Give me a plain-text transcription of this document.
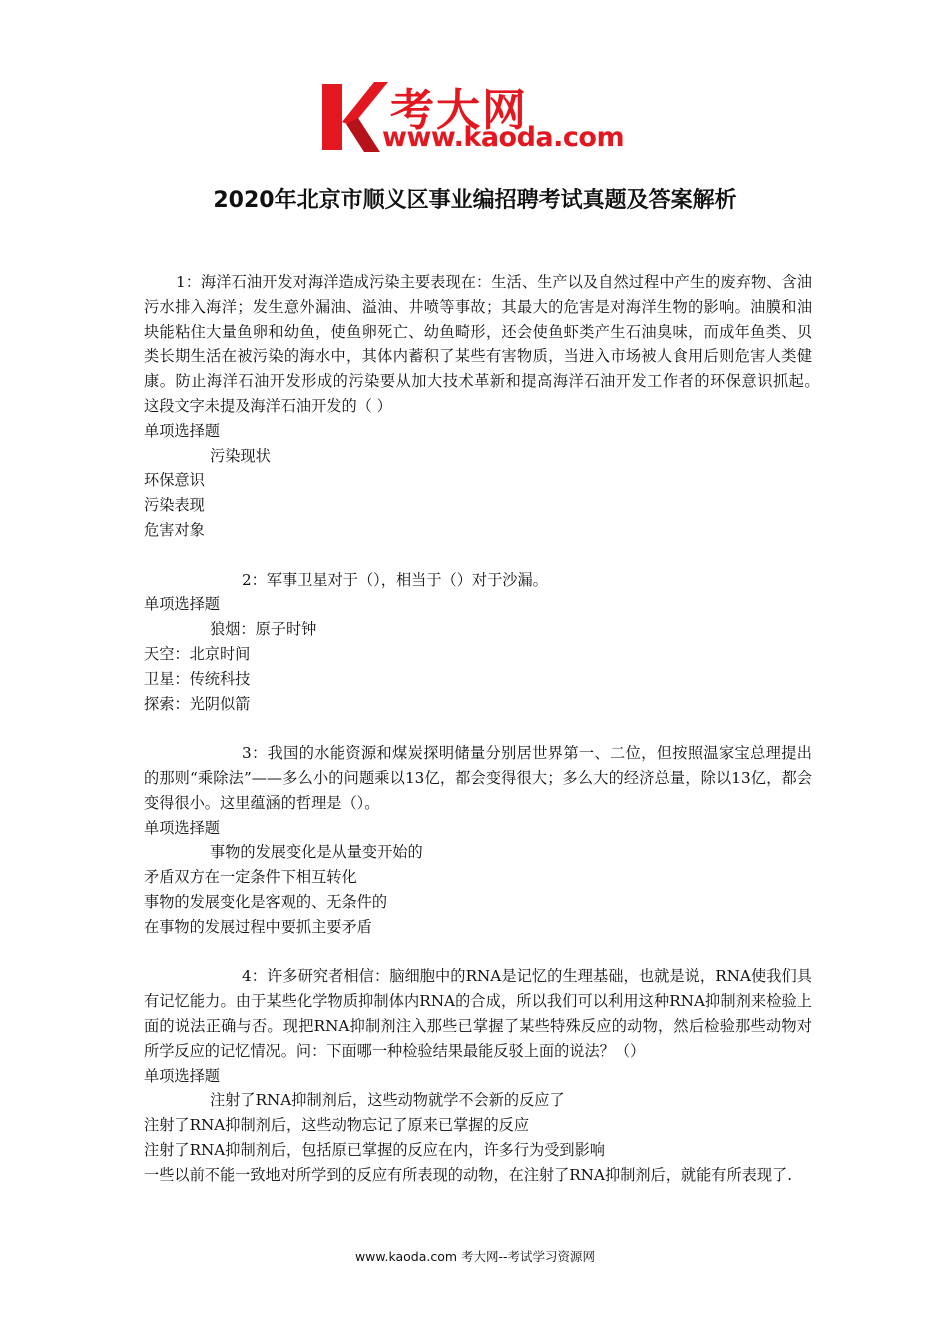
考大网
www.kaoda.com
2020年北京市顺义区事业编招聘考试真题及答案解析
1：海洋石油开发对海洋造成污染主要表现在：生活、生产以及自然过程中产生的废弃物、含油污水排入海洋；发生意外漏油、溢油、井喷等事故；其最大的危害是对海洋生物的影响。油膜和油块能粘住大量鱼卵和幼鱼，使鱼卵死亡、幼鱼畸形，还会使鱼虾类产生石油臭味，而成年鱼类、贝类长期生活在被污染的海水中，其体内蓄积了某些有害物质，当进入市场被人食用后则危害人类健康。防止海洋石油开发形成的污染要从加大技术革新和提高海洋石油开发工作者的环保意识抓起。　　这段文字未提及海洋石油开发的（ ）
单项选择题
污染现状
环保意识
污染表现
危害对象
2：军事卫星对于（），相当于（）对于沙漏。
单项选择题
狼烟：原子时钟
天空：北京时间
卫星：传统科技
探索：光阴似箭
3：我国的水能资源和煤炭探明储量分别居世界第一、二位，但按照温家宝总理提出的那则“乘除法”——多么小的问题乘以13亿，都会变得很大；多么大的经济总量，除以13亿，都会变得很小。这里蕴涵的哲理是（）。
单项选择题
事物的发展变化是从量变开始的
矛盾双方在一定条件下相互转化
事物的发展变化是客观的、无条件的
在事物的发展过程中要抓主要矛盾
4：许多研究者相信：脑细胞中的RNA是记忆的生理基础，也就是说，RNA使我们具有记忆能力。由于某些化学物质抑制体内RNA的合成，所以我们可以利用这种RNA抑制剂来检验上面的说法正确与否。现把RNA抑制剂注入那些已掌握了某些特殊反应的动物，然后检验那些动物对所学反应的记忆情况。问：下面哪一种检验结果最能反驳上面的说法？（）
单项选择题
注射了RNA抑制剂后，这些动物就学不会新的反应了
注射了RNA抑制剂后，这些动物忘记了原来已掌握的反应
注射了RNA抑制剂后，包括原已掌握的反应在内，许多行为受到影响
一些以前不能一致地对所学到的反应有所表现的动物，在注射了RNA抑制剂后，就能有所表现了.
www.kaoda.com 考大网--考试学习资源网
